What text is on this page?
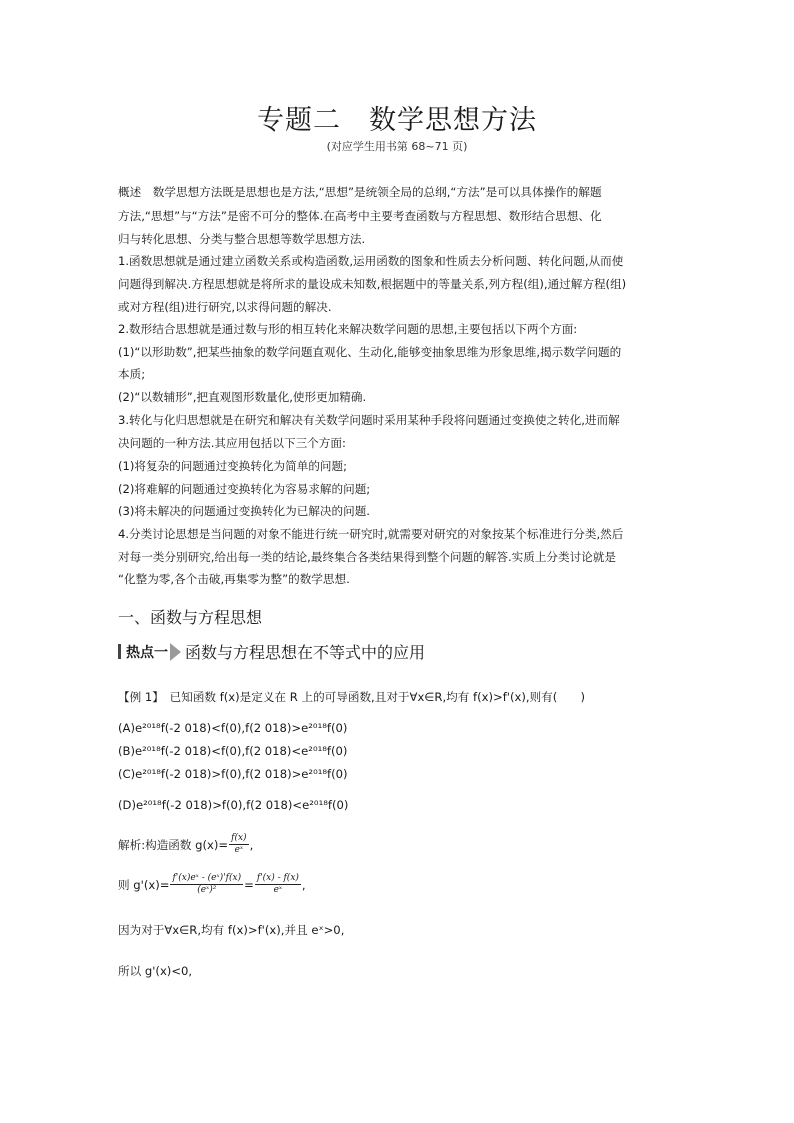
专题二　数学思想方法
(对应学生用书第 68~71 页)
概述　数学思想方法既是思想也是方法,“思想”是统领全局的总纲,“方法”是可以具体操作的解题
方法,“思想”与“方法”是密不可分的整体.在高考中主要考查函数与方程思想、数形结合思想、化
归与转化思想、分类与整合思想等数学思想方法.
1.函数思想就是通过建立函数关系或构造函数,运用函数的图象和性质去分析问题、转化问题,从而使
问题得到解决.方程思想就是将所求的量设成未知数,根据题中的等量关系,列方程(组),通过解方程(组)
或对方程(组)进行研究,以求得问题的解决.
2.数形结合思想就是通过数与形的相互转化来解决数学问题的思想,主要包括以下两个方面:
(1)“以形助数”,把某些抽象的数学问题直观化、生动化,能够变抽象思维为形象思维,揭示数学问题的
本质;
(2)“以数辅形”,把直观图形数量化,使形更加精确.
3.转化与化归思想就是在研究和解决有关数学问题时采用某种手段将问题通过变换使之转化,进而解
决问题的一种方法.其应用包括以下三个方面:
(1)将复杂的问题通过变换转化为简单的问题;
(2)将难解的问题通过变换转化为容易求解的问题;
(3)将未解决的问题通过变换转化为已解决的问题.
4.分类讨论思想是当问题的对象不能进行统一研究时,就需要对研究的对象按某个标准进行分类,然后
对每一类分别研究,给出每一类的结论,最终集合各类结果得到整个问题的解答.实质上分类讨论就是
“化整为零,各个击破,再集零为整”的数学思想.
一、函数与方程思想
热点一 函数与方程思想在不等式中的应用
【例 1】　已知函数 f(x)是定义在 R 上的可导函数,且对于∀x∈R,均有 f(x)>f'(x),则有(　　)
(A)e²⁰¹⁸f(-2 018)<f(0),f(2 018)>e²⁰¹⁸f(0)
(B)e²⁰¹⁸f(-2 018)<f(0),f(2 018)<e²⁰¹⁸f(0)
(C)e²⁰¹⁸f(-2 018)>f(0),f(2 018)>e²⁰¹⁸f(0)
(D)e²⁰¹⁸f(-2 018)>f(0),f(2 018)<e²⁰¹⁸f(0)
解析:构造函数 $g(x)= \frac{f(x)}{\text{eˣ}}$ ,
则 $g'(x)= \frac{\text{f'(x)eˣ - (eˣ)'f(x)}}{\text{(eˣ)²}} = \frac{f'(x) - f(x)}{\text{eˣ}}$ ,
因为对于∀x∈R,均有 f(x)>f'(x),并且 eˣ>0,
所以 g'(x)<0,
